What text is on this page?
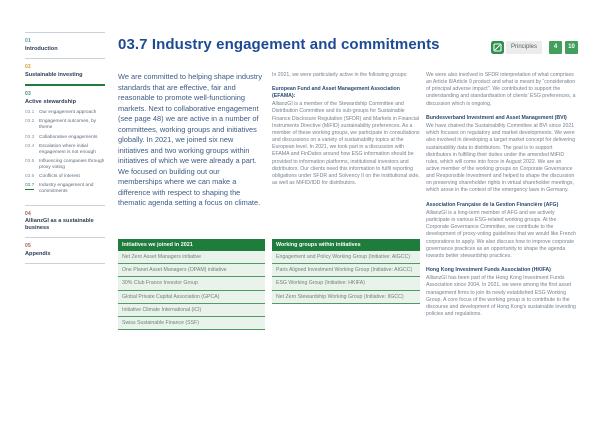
01
Introduction
02
Sustainable investing
03
Active stewardship
03.1 Our engagement approach
03.2 Engagement outcomes, by theme
03.3 Collaborative engagements
03.4 Escalation where initial engagement is not enough
03.5 Influencing companies through proxy voting
03.6 Conflicts of interest
03.7 Industry engagement and commitments
04
AllianzGI as a sustainable business
05
Appendix
03.7 Industry engagement and commitments	Principles	4	10

We are committed to helping shape industry standards that are effective, fair and reasonable to promote well-functioning markets. Next to collaborative engagement (see page 48) we are active in a number of committees, working groups and initiatives globally. In 2021, we joined six new initiatives and two working groups within initiatives of which we were already a part. We focused on building out our memberships where we can make a difference with respect to shaping the thematic agenda setting a focus on climate.

Initiatives we joined in 2021
Net Zero Asset Managers initiative
One Planet Asset Managers (OPAM) initiative
30% Club France Investor Group
Global Private Capital Association (GPCA)
Initiative Climate International (iCI)
Swiss Sustainable Finance (SSF)

In 2021, we were particularly active in the following groups:

European Fund and Asset Management Association (EFAMA):

AllianzGI is a member of the Stewardship Committee and Distribution Committee and its sub-groups for Sustainable Finance Disclosure Regulation (SFDR) and Markets in Financial Instruments Directive (MiFID) sustainability preferences. As a member of these working groups, we participate in consultations and discussions on a variety of sustainability topics at the European level. In 2021, we took part in a discussion with EFAMA and FinDatex around how ESG information should be provided to information platforms, institutional investors and distributors. Our clients need this information to fulfil reporting obligations under SFDR and Solvency II on the institutional side, as well as MiFID/IDD for distributors.

Working groups within initiatives
Engagement and Policy Working Group (Initiative: AIGCC)
Paris Aligned Investment Working Group (Initiative: AIGCC)
ESG Working Group (Initiative: HKIFA)
Net Zero Stewardship Working Group (Initiative: IIGCC)

We were also involved in SFDR interpretation of what comprises an Article 8/Article 9 product and what is meant by “consideration of principal adverse impact”. We contributed to support the understanding and standardisation of clients’ ESG preferences, a discussion which is ongoing.

Bundesverband Investment and Asset Management (BVI)

We have chaired the Sustainability Committee at BVI since 2021 which focuses on regulatory and market developments. We were also involved in developing a target market concept for delivering sustainability data to distributors. The goal is to support distributors in fulfilling their duties under the amended MiFID rules, which will come into force in August 2022. We are an active member of the working groups on Corporate Governance and Responsible Investment and helped to shape the discussion on preserving shareholder rights in virtual shareholder meetings, which arose in the context of the emergency laws in Germany.

Association Française de la Gestion Financière (AFG)

AllianzGI is a long-term member of AFG and we actively participate in various ESG-related working groups. At the Corporate Governance Committee, we contribute to the development of proxy-voting guidelines that we would like French corporations to apply. We also discuss how to improve corporate governance practices as an opportunity to shape the agenda towards better stewardship practices.

Hong Kong Investment Funds Association (HKIFA)

AllianzGI has been part of the Hong Kong Investment Funds Association since 2004. In 2021, we were among the first asset management firms to join its newly established ESG Working Group. A core focus of the working group is to contribute to the discourse and development of Hong Kong’s sustainable investing policies and regulations.
